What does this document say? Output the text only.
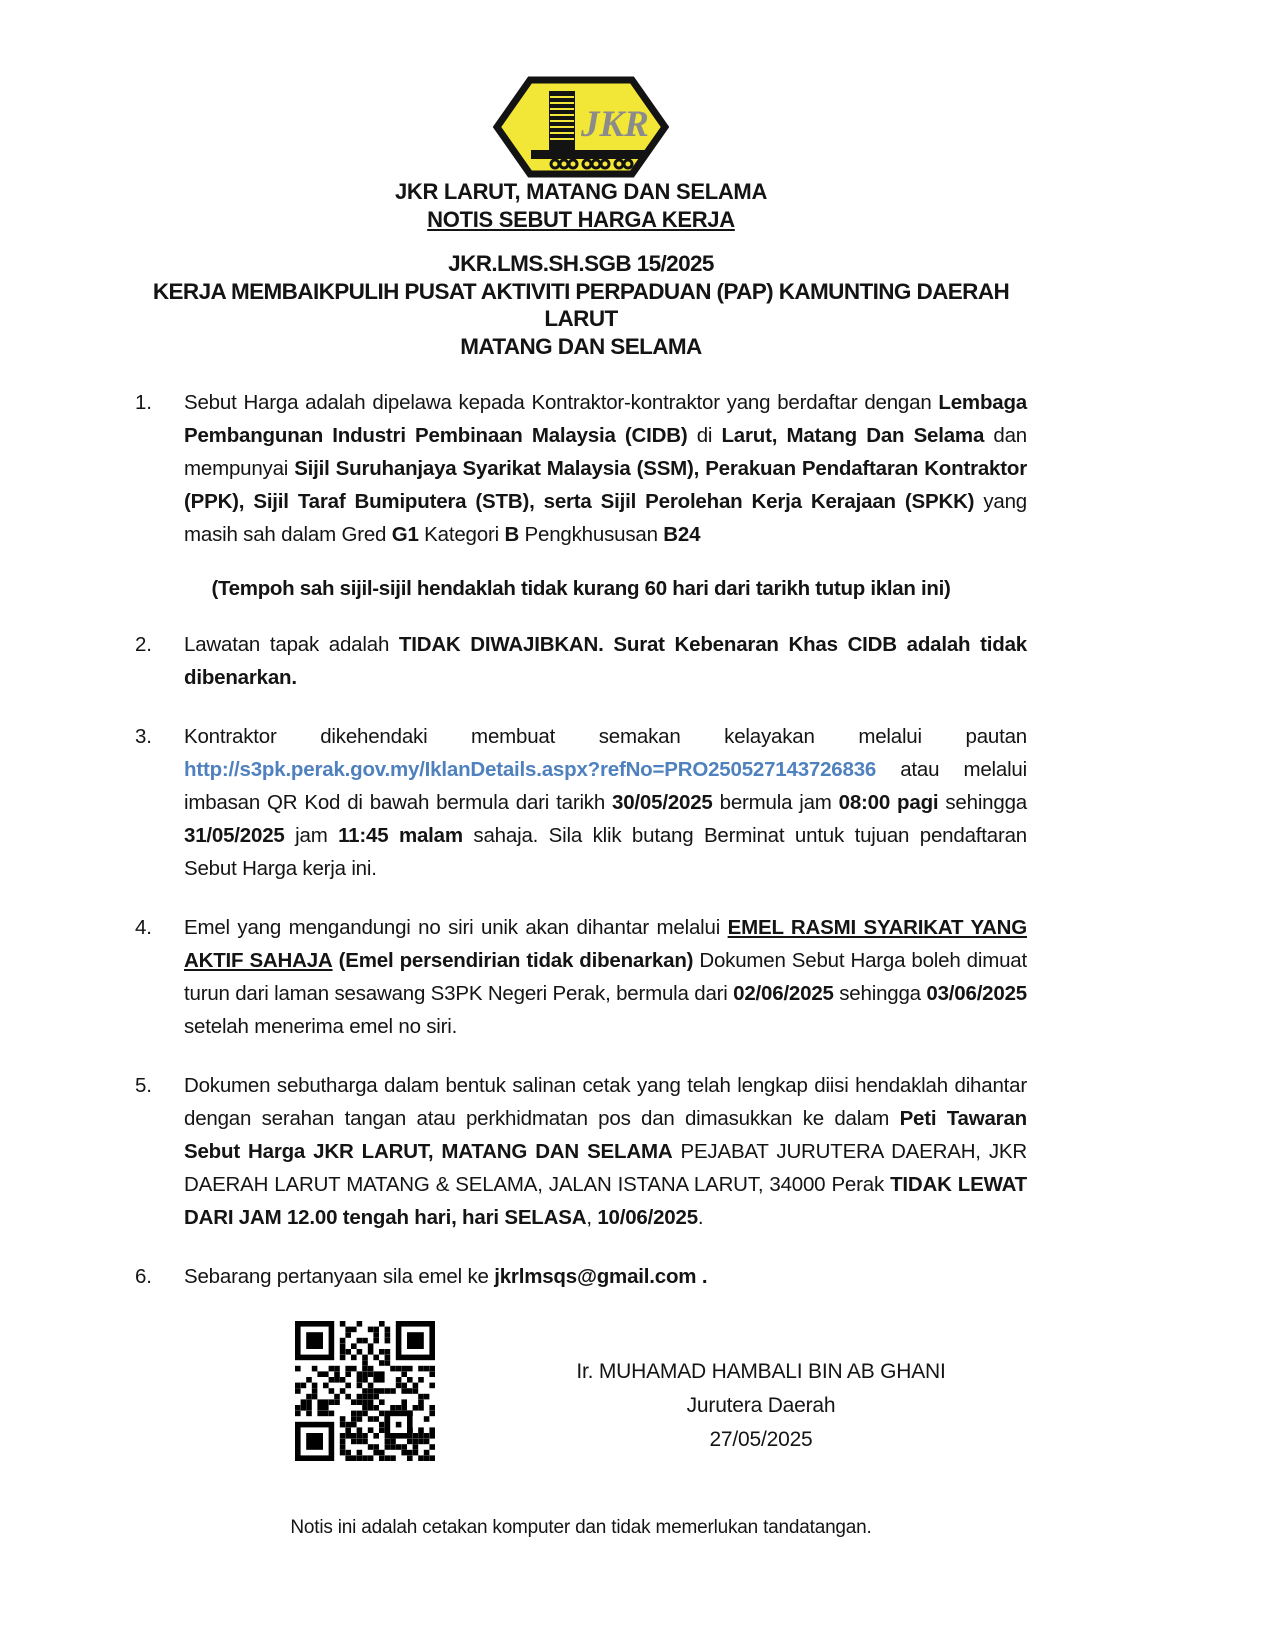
JKR
JKR LARUT, MATANG DAN SELAMA
NOTIS SEBUT HARGA KERJA
JKR.LMS.SH.SGB 15/2025
KERJA MEMBAIKPULIH PUSAT AKTIVITI PERPADUAN (PAP) KAMUNTING DAERAH LARUT
MATANG DAN SELAMA
1. Sebut Harga adalah dipelawa kepada Kontraktor-kontraktor yang berdaftar dengan Lembaga Pembangunan Industri Pembinaan Malaysia (CIDB) di Larut, Matang Dan Selama dan mempunyai Sijil Suruhanjaya Syarikat Malaysia (SSM), Perakuan Pendaftaran Kontraktor (PPK), Sijil Taraf Bumiputera (STB), serta Sijil Perolehan Kerja Kerajaan (SPKK) yang masih sah dalam Gred G1 Kategori B Pengkhususan B24
(Tempoh sah sijil-sijil hendaklah tidak kurang 60 hari dari tarikh tutup iklan ini)
2. Lawatan tapak adalah TIDAK DIWAJIBKAN. Surat Kebenaran Khas CIDB adalah tidak dibenarkan.
3. Kontraktor dikehendaki membuat semakan kelayakan melalui pautan http://s3pk.perak.gov.my/IklanDetails.aspx?refNo=PRO250527143726836 atau melalui imbasan QR Kod di bawah bermula dari tarikh 30/05/2025 bermula jam 08:00 pagi sehingga 31/05/2025 jam 11:45 malam sahaja. Sila klik butang Berminat untuk tujuan pendaftaran Sebut Harga kerja ini.
4. Emel yang mengandungi no siri unik akan dihantar melalui EMEL RASMI SYARIKAT YANG AKTIF SAHAJA (Emel persendirian tidak dibenarkan) Dokumen Sebut Harga boleh dimuat turun dari laman sesawang S3PK Negeri Perak, bermula dari 02/06/2025 sehingga 03/06/2025 setelah menerima emel no siri.
5. Dokumen sebutharga dalam bentuk salinan cetak yang telah lengkap diisi hendaklah dihantar dengan serahan tangan atau perkhidmatan pos dan dimasukkan ke dalam Peti Tawaran Sebut Harga JKR LARUT, MATANG DAN SELAMA PEJABAT JURUTERA DAERAH, JKR DAERAH LARUT MATANG & SELAMA, JALAN ISTANA LARUT, 34000 Perak TIDAK LEWAT DARI JAM 12.00 tengah hari, hari SELASA, 10/06/2025.
6. Sebarang pertanyaan sila emel ke jkrlmsqs@gmail.com .
Ir. MUHAMAD HAMBALI BIN AB GHANI
Jurutera Daerah
27/05/2025
Notis ini adalah cetakan komputer dan tidak memerlukan tandatangan.
